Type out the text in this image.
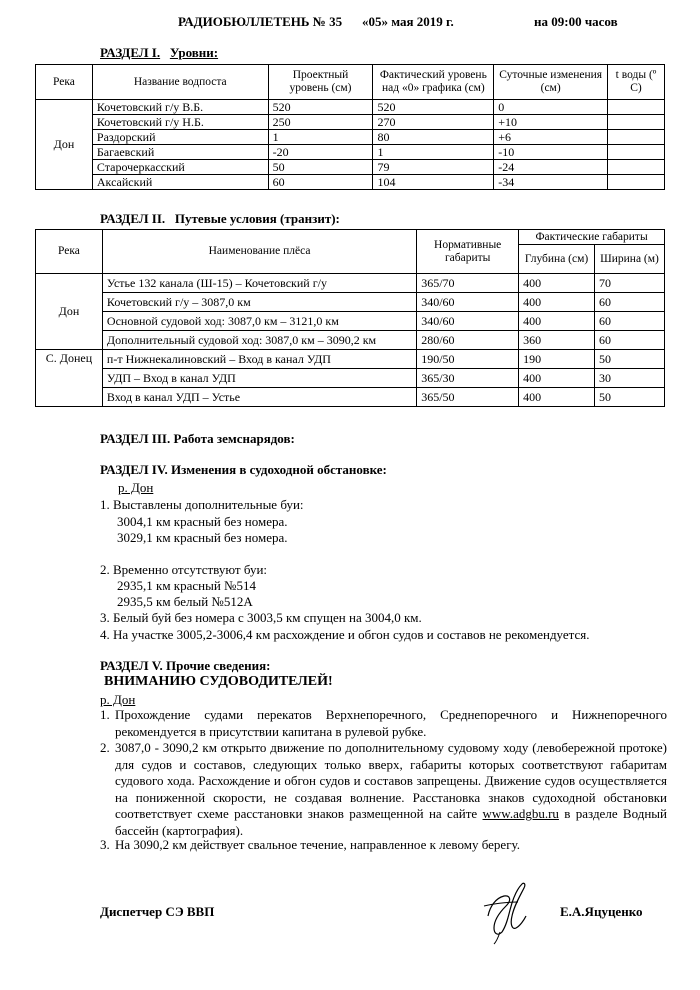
РАДИОБЮЛЛЕТЕНЬ № 35 «05» мая 2019 г.	на 09:00 часов
РАЗДЕЛ I. Уровни:
Река	Название водпоста	Проектный уровень (см)	Фактический уровень над «0» графика (см)	Суточные изменения (см)	t воды (º С)
Дон	Кочетовский г/у В.Б.	520	520	0	
	Кочетовский г/у Н.Б.	250	270	+10	
	Раздорский	1	80	+6	
	Багаевский	-20	1	-10	
	Старочеркасский	50	79	-24	
	Аксайский	60	104	-34	
РАЗДЕЛ II. Путевые условия (транзит):
Река	Наименование плёса	Нормативные габариты	Фактические габариты	
			Глубина (см)	Ширина (м)
Дон	Устье 132 канала (Ш-15) – Кочетовский г/у	365/70	400	70
	Кочетовский г/у – 3087,0 км	340/60	400	60
	Основной судовой ход: 3087,0 км – 3121,0 км	340/60	400	60
	Дополнительный судовой ход: 3087,0 км – 3090,2 км	280/60	360	60
С. Донец	п-т Нижнекалиновский – Вход в канал УДП	190/50	190	50
	УДП – Вход в канал УДП	365/30	400	30
	Вход в канал УДП – Устье	365/50	400	50
РАЗДЕЛ III. Работа земснарядов:
РАЗДЕЛ IV. Изменения в судоходной обстановке:
р. Дон
1. Выставлены дополнительные буи:
3004,1 км красный без номера.
3029,1 км красный без номера.
2. Временно отсутствуют буи:
2935,1 км красный №514
2935,5 км белый №512А
3. Белый буй без номера с 3003,5 км спущен на 3004,0 км.
4. На участке 3005,2-3006,4 км расхождение и обгон судов и составов не рекомендуется.
РАЗДЕЛ V. Прочие сведения:
ВНИМАНИЮ СУДОВОДИТЕЛЕЙ!
р. Дон
1. Прохождение судами перекатов Верхнепоречного, Среднепоречного и Нижнепоречного рекомендуется в присутствии капитана в рулевой рубке.
2. 3087,0 - 3090,2 км открыто движение по дополнительному судовому ходу (левобережной протоке) для судов и составов, следующих только вверх, габариты которых соответствуют габаритам судового хода. Расхождение и обгон судов и составов запрещены. Движение судов осуществляется на пониженной скорости, не создавая волнение. Расстановка знаков судоходной обстановки соответствует схеме расстановки знаков размещенной на сайте www.adgbu.ru в разделе Водный бассейн (картография).
3. На 3090,2 км действует свальное течение, направленное к левому берегу.
Диспетчер СЭ ВВП	Е.А.Яцуценко
